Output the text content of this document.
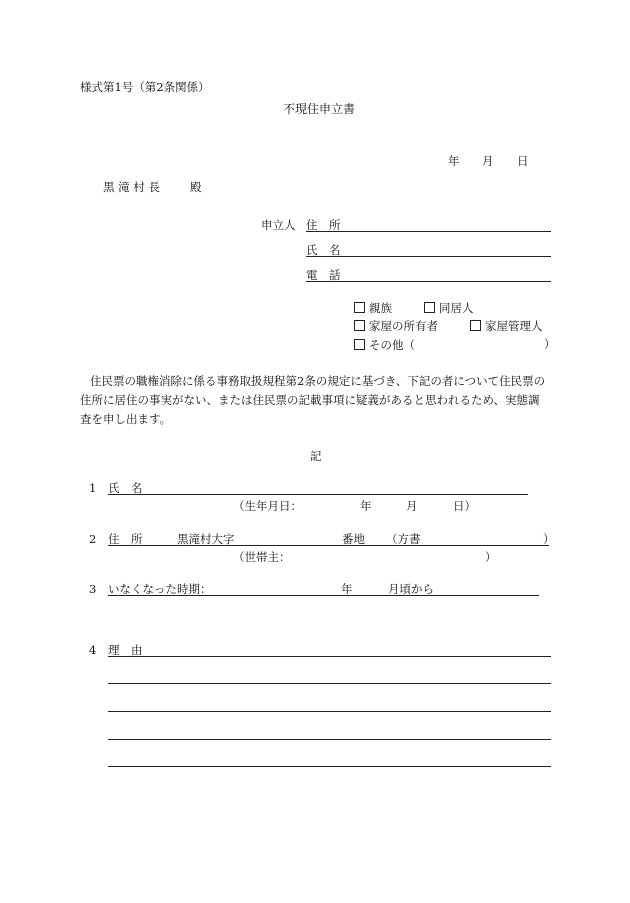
様式第1号（第2条関係）
不現住申立書
年 月 日
黒 滝 村 長	殿
申立人 住　所
氏　名
電　話
親族	同居人
家屋の所有者	家屋管理人
その他（	）
住民票の職権消除に係る事務取扱規程第2条の規定に基づき、下記の者について住民票の
住所に居住の事実がない、または住民票の記載事項に疑義があると思われるため、実態調
査を申し出ます。
記
1 氏　名
（生年月日：	年	月	日）
2 住　所	黒滝村大字	番地 （方書	）
（世帯主：	）
3 いなくなった時期：	年	月頃から
4 理　由
